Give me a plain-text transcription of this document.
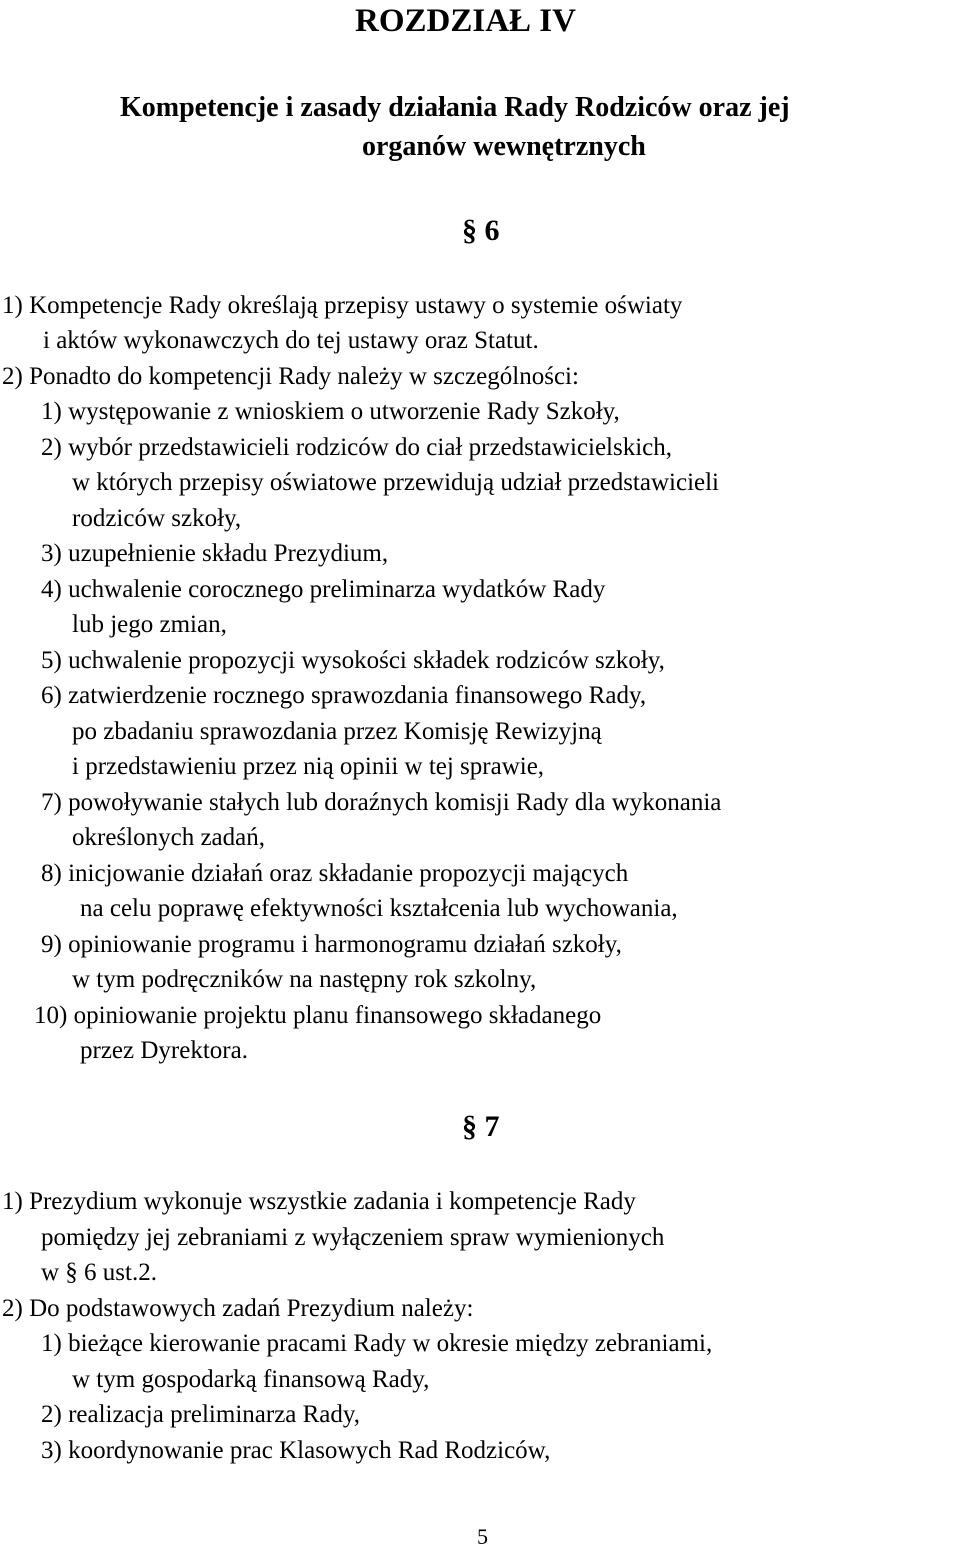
ROZDZIAŁ IV
Kompetencje i zasady działania Rady Rodziców oraz jej
organów wewnętrznych
§ 6

1) Kompetencje Rady określają przepisy ustawy o systemie oświaty

i aktów wykonawczych do tej ustawy oraz Statut.

2) Ponadto do kompetencji Rady należy w szczególności:

1) występowanie z wnioskiem o utworzenie Rady Szkoły,

2) wybór przedstawicieli rodziców do ciał przedstawicielskich,

w których przepisy oświatowe przewidują udział przedstawicieli

rodziców szkoły,

3) uzupełnienie składu Prezydium,

4) uchwalenie corocznego preliminarza wydatków Rady

lub jego zmian,

5) uchwalenie propozycji wysokości składek rodziców szkoły,

6) zatwierdzenie rocznego sprawozdania finansowego Rady,

po zbadaniu sprawozdania przez Komisję Rewizyjną

i przedstawieniu przez nią opinii w tej sprawie,

7) powoływanie stałych lub doraźnych komisji Rady dla wykonania

określonych zadań,

8) inicjowanie działań oraz składanie propozycji mających

na celu poprawę efektywności kształcenia lub wychowania,

9) opiniowanie programu i harmonogramu działań szkoły,

w tym podręczników na następny rok szkolny,

10) opiniowanie projektu planu finansowego składanego

przez Dyrektora.

§ 7

1) Prezydium wykonuje wszystkie zadania i kompetencje Rady

pomiędzy jej zebraniami z wyłączeniem spraw wymienionych

w § 6 ust.2.

2) Do podstawowych zadań Prezydium należy:

1) bieżące kierowanie pracami Rady w okresie między zebraniami,

w tym gospodarką finansową Rady,

2) realizacja preliminarza Rady,

3) koordynowanie prac Klasowych Rad Rodziców,

5
